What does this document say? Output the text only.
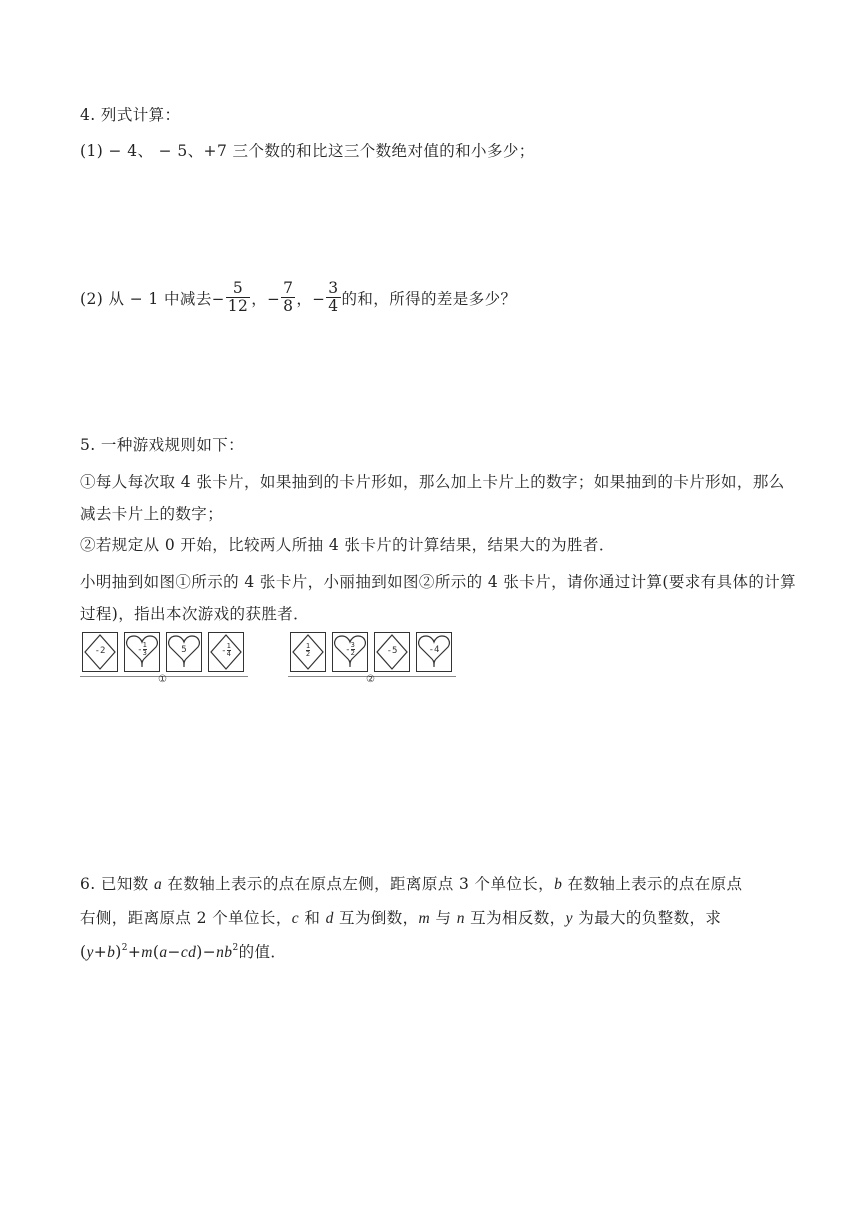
4. 列式计算：
(1) − 4、 − 5、+7 三个数的和比这三个数绝对值的和小多少；
(2) 从 − 1 中减去− $\frac{5}{12}$ ，− $\frac{7}{8}$ ，− $\frac{3}{4}$ 的和，所得的差是多少？
5. 一种游戏规则如下：
①每人每次取 4 张卡片，如果抽到的卡片形如，那么加上卡片上的数字；如果抽到的卡片形如，那么减去卡片上的数字；
②若规定从 0 开始，比较两人所抽 4 张卡片的计算结果，结果大的为胜者．
小明抽到如图①所示的 4 张卡片，小丽抽到如图②所示的 4 张卡片，请你通过计算(要求有具体的计算过程)，指出本次游戏的获胜者．
-2	- $\frac{1}{3}$	5	- $\frac{1}{4}$
①
$\frac{1}{2}$	- $\frac{3}{2}$	-5	-4
②
6. 已知数 a 在数轴上表示的点在原点左侧，距离原点 3 个单位长，b 在数轴上表示的点在原点
右侧，距离原点 2 个单位长，c 和 d 互为倒数，m 与 n 互为相反数，y 为最大的负整数，求
$(y+b)^2+m(a-cd)-nb^2$的值．
